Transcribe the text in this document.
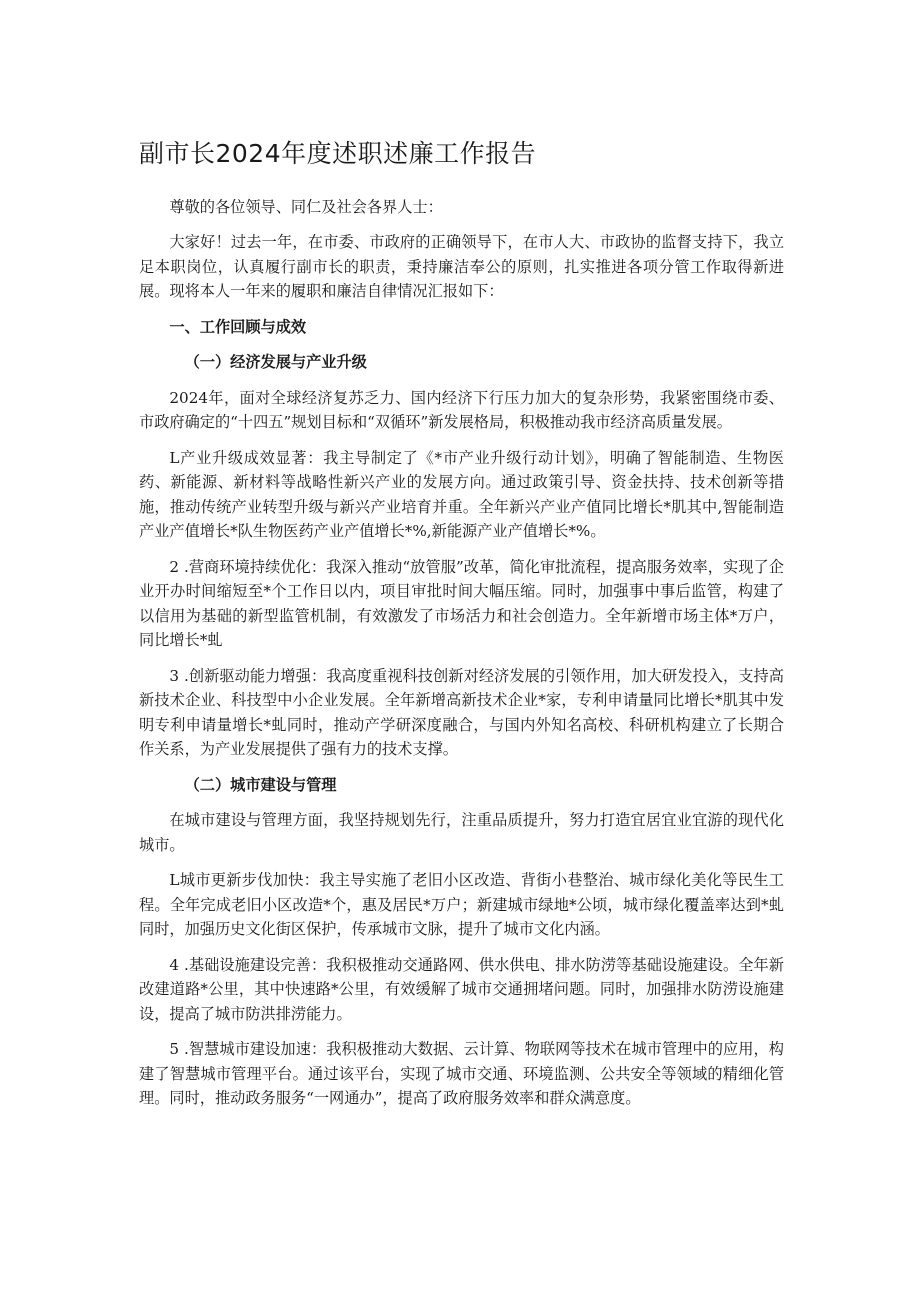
副市长2024年度述职述廉工作报告

尊敬的各位领导、同仁及社会各界人士：

大家好！过去一年，在市委、市政府的正确领导下，在市人大、市政协的监督支持下，我立足本职岗位，认真履行副市长的职责，秉持廉洁奉公的原则，扎实推进各项分管工作取得新进展。现将本人一年来的履职和廉洁自律情况汇报如下：

一、工作回顾与成效
（一）经济发展与产业升级

2024年，面对全球经济复苏乏力、国内经济下行压力加大的复杂形势，我紧密围绕市委、市政府确定的“十四五”规划目标和“双循环”新发展格局，积极推动我市经济高质量发展。

L产业升级成效显著：我主导制定了《*市产业升级行动计划》，明确了智能制造、生物医药、新能源、新材料等战略性新兴产业的发展方向。通过政策引导、资金扶持、技术创新等措施，推动传统产业转型升级与新兴产业培育并重。全年新兴产业产值同比增长*肌其中,智能制造产业产值增长*队生物医药产业产值增长*%,新能源产业产值增长*%。

2 .营商环境持续优化：我深入推动“放管服”改革，简化审批流程，提高服务效率，实现了企业开办时间缩短至*个工作日以内，项目审批时间大幅压缩。同时，加强事中事后监管，构建了以信用为基础的新型监管机制，有效激发了市场活力和社会创造力。全年新增市场主体*万户，同比增长*虬

3 .创新驱动能力增强：我高度重视科技创新对经济发展的引领作用，加大研发投入，支持高新技术企业、科技型中小企业发展。全年新增高新技术企业*家，专利申请量同比增长*肌其中发明专利申请量增长*虬同时，推动产学研深度融合，与国内外知名高校、科研机构建立了长期合作关系，为产业发展提供了强有力的技术支撑。

（二）城市建设与管理

在城市建设与管理方面，我坚持规划先行，注重品质提升，努力打造宜居宜业宜游的现代化城市。

L城市更新步伐加快：我主导实施了老旧小区改造、背街小巷整治、城市绿化美化等民生工程。全年完成老旧小区改造*个，惠及居民*万户；新建城市绿地*公顷，城市绿化覆盖率达到*虬同时，加强历史文化街区保护，传承城市文脉，提升了城市文化内涵。

4 .基础设施建设完善：我积极推动交通路网、供水供电、排水防涝等基础设施建设。全年新改建道路*公里，其中快速路*公里，有效缓解了城市交通拥堵问题。同时，加强排水防涝设施建设，提高了城市防洪排涝能力。

5 .智慧城市建设加速：我积极推动大数据、云计算、物联网等技术在城市管理中的应用，构建了智慧城市管理平台。通过该平台，实现了城市交通、环境监测、公共安全等领域的精细化管理。同时，推动政务服务“一网通办”，提高了政府服务效率和群众满意度。
